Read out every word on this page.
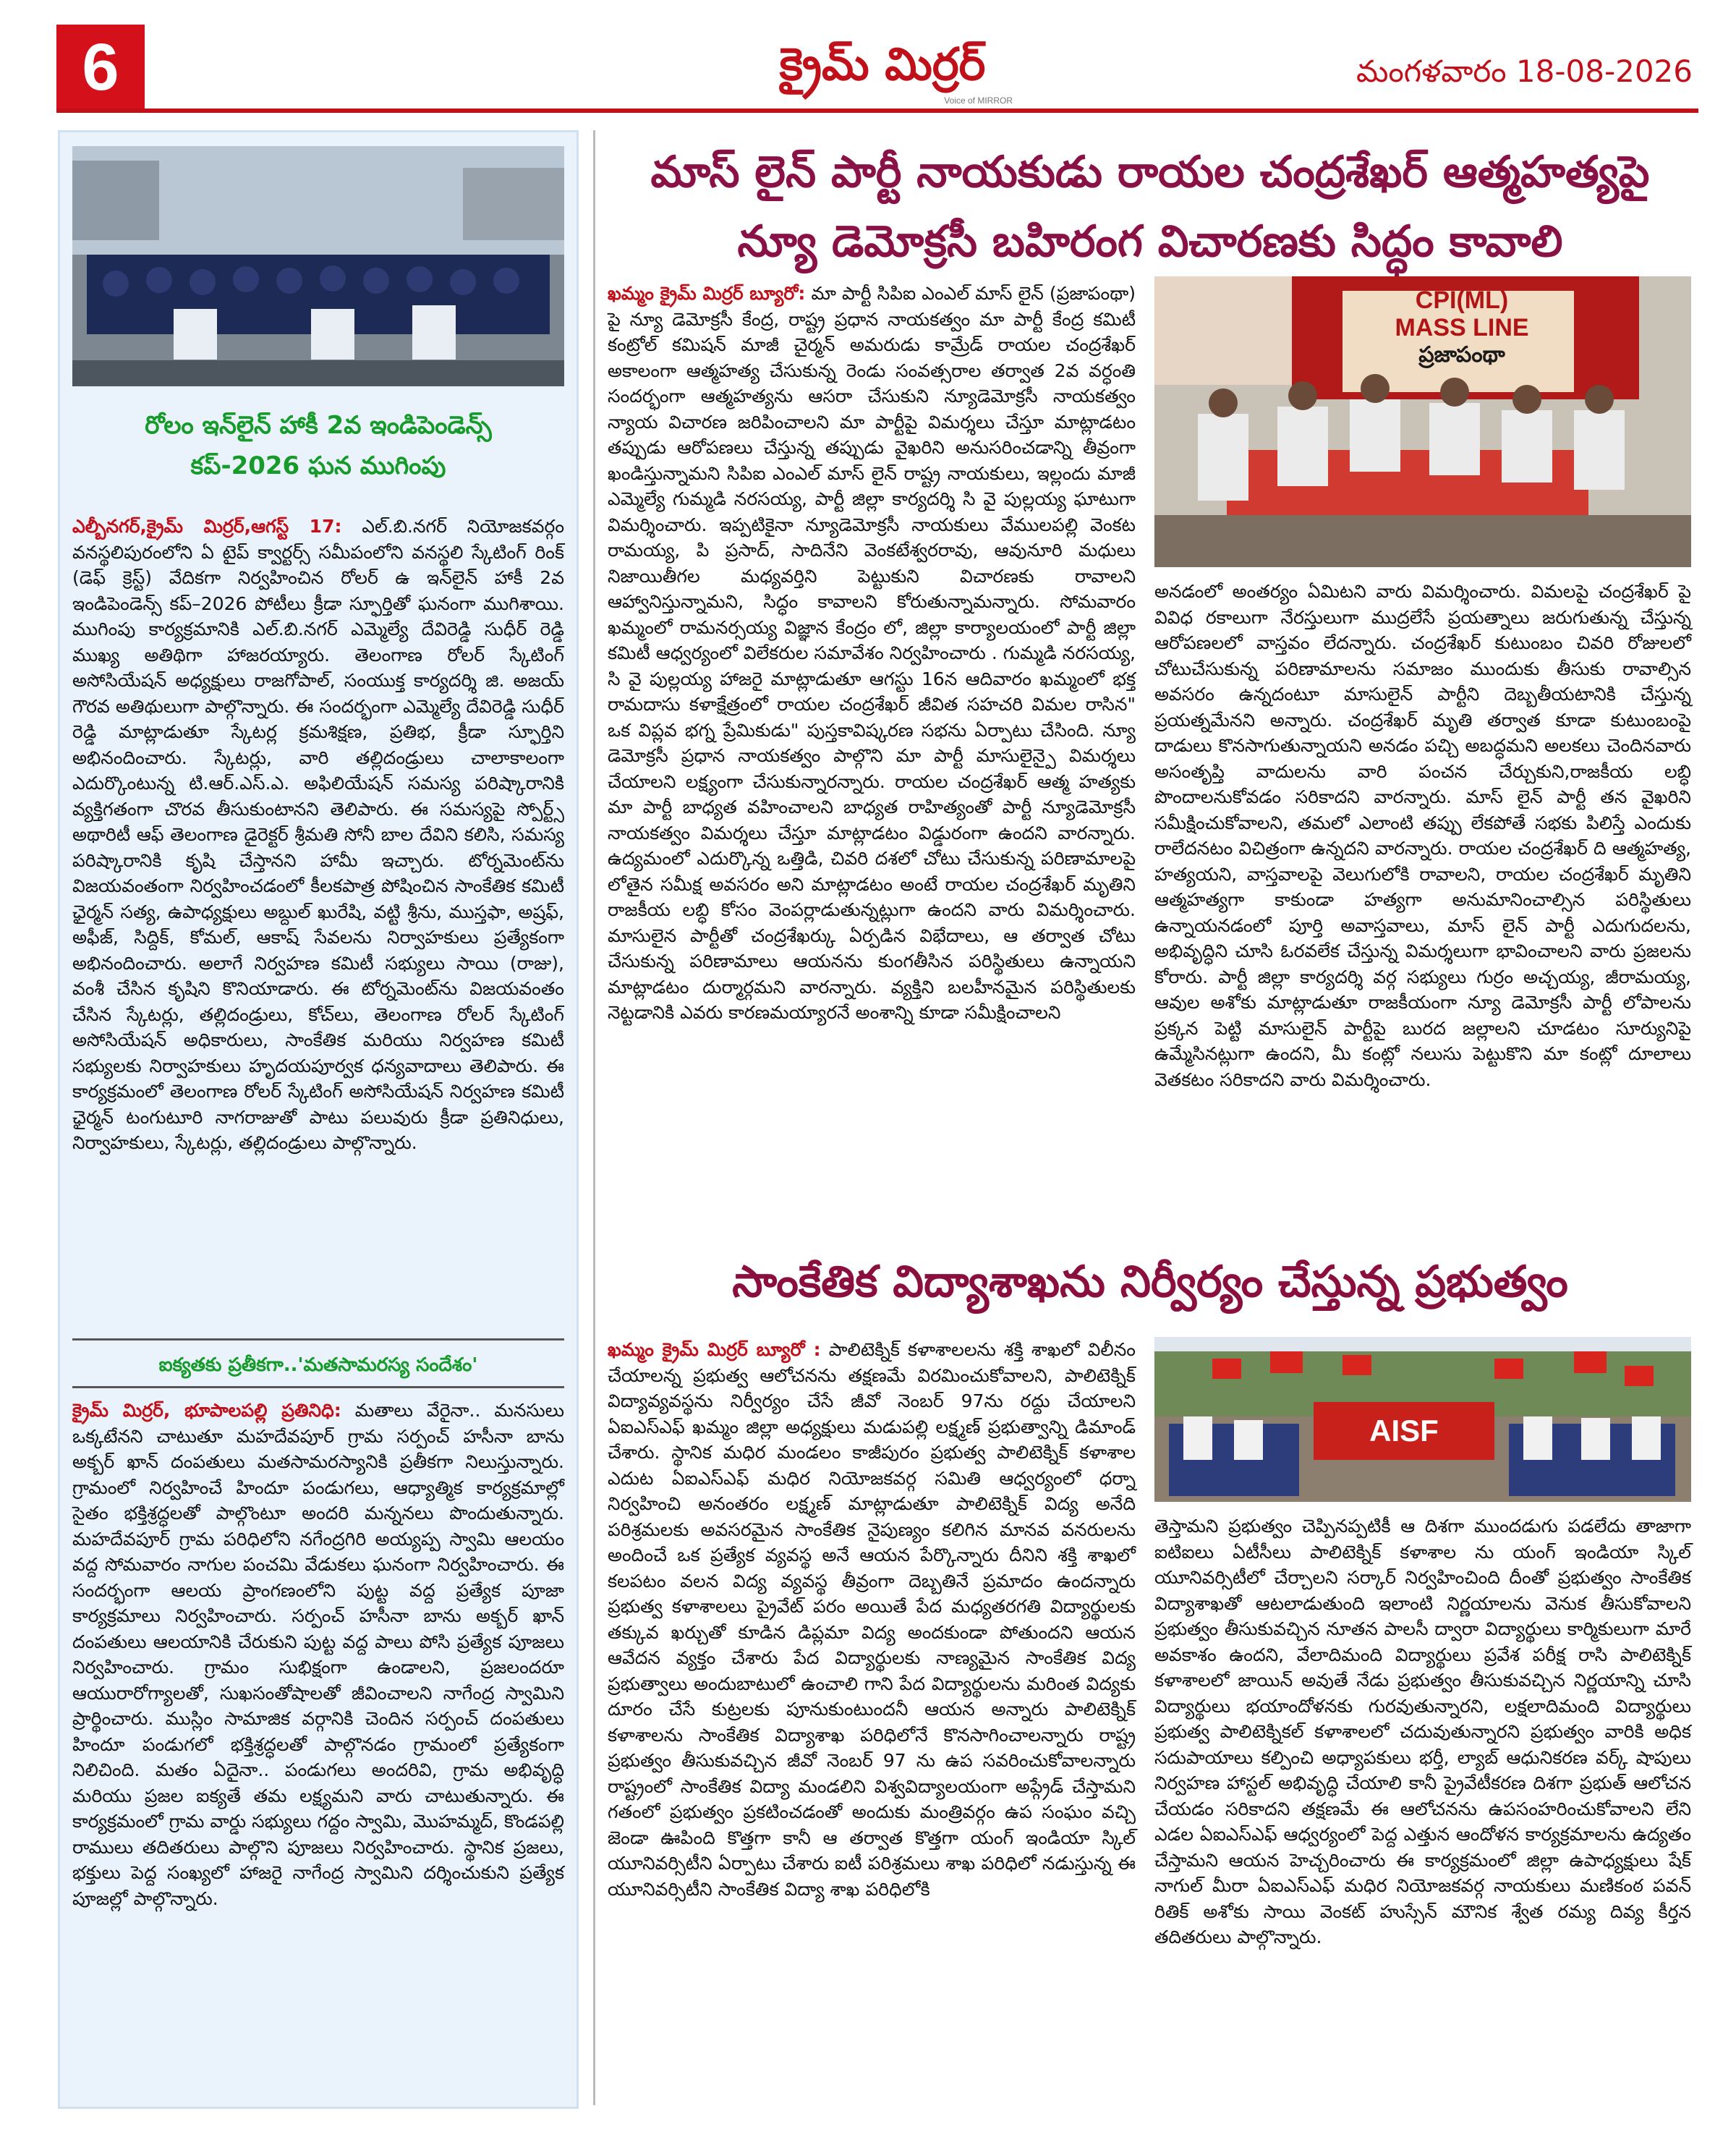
6	క్రైమ్ మిర్రర్
Voice of MIRROR
మంగళవారం 18-08-2026
రోలం ఇన్‌లైన్ హాకీ 2వ ఇండిపెండెన్స్
కప్-2026 ఘన ముగింపు
ఎల్బీనగర్,క్రైమ్ మిర్రర్,ఆగస్ట్ 17: ఎల్.బి.నగర్ నియోజకవర్గం వనస్థలిపురంలోని ఏ టైప్ క్వార్టర్స్ సమీపంలోని వనస్థలి స్కేటింగ్ రింక్ (డెఫ్ క్రెస్ట్) వేదికగా నిర్వహించిన రోలర్ ఉ ఇన్‌లైన్ హాకీ 2వ ఇండిపెండెన్స్ కప్–2026 పోటీలు క్రీడా స్ఫూర్తితో ఘనంగా ముగిశాయి. ముగింపు కార్యక్రమానికి ఎల్.బి.నగర్ ఎమ్మెల్యే దేవిరెడ్డి సుధీర్ రెడ్డి ముఖ్య అతిథిగా హాజరయ్యారు. తెలంగాణ రోలర్ స్కేటింగ్ అసోసియేషన్ అధ్యక్షులు రాజగోపాల్, సంయుక్త కార్యదర్శి జి. అజయ్ గౌరవ అతిథులుగా పాల్గొన్నారు. ఈ సందర్భంగా ఎమ్మెల్యే దేవిరెడ్డి సుధీర్ రెడ్డి మాట్లాడుతూ స్కేటర్ల క్రమశిక్షణ, ప్రతిభ, క్రీడా స్ఫూర్తిని అభినందించారు. స్కేటర్లు, వారి తల్లిదండ్రులు చాలాకాలంగా ఎదుర్కొంటున్న టి.ఆర్.ఎస్.ఎ. అఫిలియేషన్ సమస్య పరిష్కారానికి వ్యక్తిగతంగా చొరవ తీసుకుంటానని తెలిపారు. ఈ సమస్యపై స్పోర్ట్స్ అథారిటీ ఆఫ్ తెలంగాణ డైరెక్టర్ శ్రీమతి సోనీ బాల దేవిని కలిసి, సమస్య పరిష్కారానికి కృషి చేస్తానని హామీ ఇచ్చారు. టోర్నమెంట్‌ను విజయవంతంగా నిర్వహించడంలో కీలకపాత్ర పోషించిన సాంకేతిక కమిటీ ఛైర్మన్ సత్య, ఉపాధ్యక్షులు అబ్దుల్ ఖురేషి, వట్టి శ్రీను, ముస్తఫా, అష్రఫ్, అఫీజ్, సిద్దిక్, కోమల్, ఆకాష్ సేవలను నిర్వాహకులు ప్రత్యేకంగా అభినందించారు. అలాగే నిర్వహణ కమిటీ సభ్యులు సాయి (రాజు), వంశీ చేసిన కృషిని కొనియాడారు. ఈ టోర్నమెంట్‌ను విజయవంతం చేసిన స్కేటర్లు, తల్లిదండ్రులు, కోచ్‌లు, తెలంగాణ రోలర్ స్కేటింగ్ అసోసియేషన్ అధికారులు, సాంకేతిక మరియు నిర్వహణ కమిటీ సభ్యులకు నిర్వాహకులు హృదయపూర్వక ధన్యవాదాలు తెలిపారు. ఈ కార్యక్రమంలో తెలంగాణ రోలర్ స్కేటింగ్ అసోసియేషన్ నిర్వహణ కమిటీ ఛైర్మన్ టంగుటూరి నాగరాజుతో పాటు పలువురు క్రీడా ప్రతినిధులు, నిర్వాహకులు, స్కేటర్లు, తల్లిదండ్రులు పాల్గొన్నారు.
ఐక్యతకు ప్రతీకగా..'మతసామరస్య సందేశం'
క్రైమ్ మిర్రర్, భూపాలపల్లి ప్రతినిధి: మతాలు వేరైనా.. మనసులు ఒక్కటేనని చాటుతూ మహదేవపూర్ గ్రామ సర్పంచ్ హసీనా బాను అక్బర్ ఖాన్ దంపతులు మతసామరస్యానికి ప్రతీకగా నిలుస్తున్నారు. గ్రామంలో నిర్వహించే హిందూ పండుగలు, ఆధ్యాత్మిక కార్యక్రమాల్లో సైతం భక్తిశ్రద్ధలతో పాల్గొంటూ అందరి మన్ననలు పొందుతున్నారు. మహదేవపూర్ గ్రామ పరిధిలోని నగేంద్రగిరి అయ్యప్ప స్వామి ఆలయం వద్ద సోమవారం నాగుల పంచమి వేడుకలు ఘనంగా నిర్వహించారు. ఈ సందర్భంగా ఆలయ ప్రాంగణంలోని పుట్ట వద్ద ప్రత్యేక పూజా కార్యక్రమాలు నిర్వహించారు. సర్పంచ్ హసీనా బాను అక్బర్ ఖాన్ దంపతులు ఆలయానికి చేరుకుని పుట్ట వద్ద పాలు పోసి ప్రత్యేక పూజలు నిర్వహించారు. గ్రామం సుభిక్షంగా ఉండాలని, ప్రజలందరూ ఆయురారోగ్యాలతో, సుఖసంతోషాలతో జీవించాలని నాగేంద్ర స్వామిని ప్రార్థించారు. ముస్లిం సామాజిక వర్గానికి చెందిన సర్పంచ్ దంపతులు హిందూ పండుగలో భక్తిశ్రద్ధలతో పాల్గొనడం గ్రామంలో ప్రత్యేకంగా నిలిచింది. మతం ఏదైనా.. పండుగలు అందరివి, గ్రామ అభివృద్ధి మరియు ప్రజల ఐక్యతే తమ లక్ష్యమని వారు చాటుతున్నారు. ఈ కార్యక్రమంలో గ్రామ వార్డు సభ్యులు గద్దం స్వామి, మొహమ్మద్, కొండపల్లి రాములు తదితరులు పాల్గొని పూజలు నిర్వహించారు. స్థానిక ప్రజలు, భక్తులు పెద్ద సంఖ్యలో హాజరై నాగేంద్ర స్వామిని దర్శించుకుని ప్రత్యేక పూజల్లో పాల్గొన్నారు.
మాస్ లైన్ పార్టీ నాయకుడు రాయల చంద్రశేఖర్ ఆత్మహత్యపై
న్యూ డెమోక్రసీ బహిరంగ విచారణకు సిద్ధం కావాలి
CPI(ML)
MASS LINE
ప్రజాపంథా
ఖమ్మం క్రైమ్ మిర్రర్ బ్యూరో: మా పార్టీ సిపిఐ ఎంఎల్ మాస్ లైన్ (ప్రజాపంథా) పై న్యూ డెమోక్రసీ కేంద్ర, రాష్ట్ర ప్రధాన నాయకత్వం మా పార్టీ కేంద్ర కమిటీ కంట్రోల్ కమిషన్ మాజీ చైర్మన్ అమరుడు కామ్రేడ్ రాయల చంద్రశేఖర్ అకాలంగా ఆత్మహత్య చేసుకున్న రెండు సంవత్సరాల తర్వాత 2వ వర్ధంతి సందర్భంగా ఆత్మహత్యను ఆసరా చేసుకుని న్యూడెమోక్రసీ నాయకత్వం న్యాయ విచారణ జరిపించాలని మా పార్టీపై విమర్శలు చేస్తూ మాట్లాడటం తప్పుడు ఆరోపణలు చేస్తున్న తప్పుడు వైఖరిని అనుసరించడాన్ని తీవ్రంగా ఖండిస్తున్నామని సిపిఐ ఎంఎల్ మాస్ లైన్ రాష్ట్ర నాయకులు, ఇల్లందు మాజీ ఎమ్మెల్యే గుమ్మడి నరసయ్య, పార్టీ జిల్లా కార్యదర్శి సి వై పుల్లయ్య ఘాటుగా విమర్శించారు. ఇప్పటికైనా న్యూడెమోక్రసీ నాయకులు వేములపల్లి వెంకట రామయ్య, పి ప్రసాద్, సాదినేని వెంకటేశ్వరరావు, ఆవునూరి మధులు నిజాయితీగల మధ్యవర్తిని పెట్టుకుని విచారణకు రావాలని ఆహ్వానిస్తున్నామని, సిద్ధం కావాలని కోరుతున్నామన్నారు. సోమవారం ఖమ్మంలో రామనర్సయ్య విజ్ఞాన కేంద్రం లో, జిల్లా కార్యాలయంలో పార్టీ జిల్లా కమిటీ ఆధ్వర్యంలో విలేకరుల సమావేశం నిర్వహించారు . గుమ్మడి నరసయ్య, సి వై పుల్లయ్య హాజరై మాట్లాడుతూ ఆగస్టు 16న ఆదివారం ఖమ్మంలో భక్త రామదాసు కళాక్షేత్రంలో రాయల చంద్రశేఖర్ జీవిత సహచరి విమల రాసిన" ఒక విప్లవ భగ్న ప్రేమికుడు" పుస్తకావిష్కరణ సభను ఏర్పాటు చేసింది. న్యూ డెమోక్రసీ ప్రధాన నాయకత్వం పాల్గొని మా పార్టీ మాసులైన్పై విమర్శలు చేయాలని లక్ష్యంగా చేసుకున్నారన్నారు. రాయల చంద్రశేఖర్ ఆత్మ హత్యకు మా పార్టీ బాధ్యత వహించాలని బాధ్యత రాహిత్యంతో పార్టీ న్యూడెమోక్రసీ నాయకత్వం విమర్శలు చేస్తూ మాట్లాడటం విడ్డురంగా ఉందని వారన్నారు. ఉద్యమంలో ఎదుర్కొన్న ఒత్తిడి, చివరి దశలో చోటు చేసుకున్న పరిణామాలపై లోతైన సమీక్ష అవసరం అని మాట్లాడటం అంటే రాయల చంద్రశేఖర్ మృతిని రాజకీయ లబ్ధి కోసం వెంపర్లాడుతున్నట్లుగా ఉందని వారు విమర్శించారు. మాసులైన పార్టీతో చంద్రశేఖర్కు ఏర్పడిన విభేదాలు, ఆ తర్వాత చోటు చేసుకున్న పరిణామాలు ఆయనను కుంగతీసిన పరిస్థితులు ఉన్నాయని మాట్లాడటం దుర్మార్గమని వారన్నారు. వ్యక్తిని బలహీనమైన పరిస్థితులకు నెట్టడానికి ఎవరు కారణమయ్యారనే అంశాన్ని కూడా సమీక్షించాలని
అనడంలో అంతర్యం ఏమిటని వారు విమర్శించారు. విమలపై చంద్రశేఖర్ పై వివిధ రకాలుగా నేరస్తులుగా ముద్రలేసే ప్రయత్నాలు జరుగుతున్న చేస్తున్న ఆరోపణలలో వాస్తవం లేదన్నారు. చంద్రశేఖర్ కుటుంబం చివరి రోజులలో చోటుచేసుకున్న పరిణామాలను సమాజం ముందుకు తీసుకు రావాల్సిన అవసరం ఉన్నదంటూ మాసులైన్ పార్టీని దెబ్బతీయటానికి చేస్తున్న ప్రయత్నమేనని అన్నారు. చంద్రశేఖర్ మృతి తర్వాత కూడా కుటుంబంపై దాడులు కొనసాగుతున్నాయని అనడం పచ్చి అబద్ధమని అలకలు చెందినవారు అసంతృప్తి వాదులను వారి పంచన చేర్చుకుని,రాజకీయ లబ్ధి పొందాలనుకోవడం సరికాదని వారన్నారు. మాస్ లైన్ పార్టీ తన వైఖరిని సమీక్షించుకోవాలని, తమలో ఎలాంటి తప్పు లేకపోతే సభకు పిలిస్తే ఎందుకు రాలేదనటం విచిత్రంగా ఉన్నదని వారన్నారు. రాయల చంద్రశేఖర్ ది ఆత్మహత్య, హత్యయని, వాస్తవాలపై వెలుగులోకి రావాలని, రాయల చంద్రశేఖర్ మృతిని ఆత్మహత్యగా కాకుండా హత్యగా అనుమానించాల్సిన పరిస్థితులు ఉన్నాయనడంలో పూర్తి అవాస్తవాలు, మాస్ లైన్ పార్టీ ఎదుగుదలను, అభివృద్ధిని చూసి ఓరవలేక చేస్తున్న విమర్శలుగా భావించాలని వారు ప్రజలను కోరారు. పార్టీ జిల్లా కార్యదర్శి వర్గ సభ్యులు గుర్రం అచ్చయ్య, జీరామయ్య, ఆవుల అశోకు మాట్లాడుతూ రాజకీయంగా న్యూ డెమోక్రసీ పార్టీ లోపాలను ప్రక్కన పెట్టి మాసులైన్ పార్టీపై బురద జల్లాలని చూడటం సూర్యునిపై ఉమ్మేసినట్లుగా ఉందని, మీ కంట్లో నలుసు పెట్టుకొని మా కంట్లో దూలాలు వెతకటం సరికాదని వారు విమర్శించారు.
సాంకేతిక విద్యాశాఖను నిర్వీర్యం చేస్తున్న ప్రభుత్వం
AISF
ఖమ్మం క్రైమ్ మిర్రర్ బ్యూరో : పాలిటెక్నిక్ కళాశాలలను శక్తి శాఖలో విలీనం చేయాలన్న ప్రభుత్వ ఆలోచనను తక్షణమే విరమించుకోవాలని, పాలిటెక్నిక్ విద్యావ్యవస్థను నిర్వీర్యం చేసే జీవో నెంబర్ 97ను రద్దు చేయాలని ఏఐఎస్ఎఫ్ ఖమ్మం జిల్లా అధ్యక్షులు మడుపల్లి లక్ష్మణ్ ప్రభుత్వాన్ని డిమాండ్ చేశారు. స్థానిక మధిర మండలం కాజీపురం ప్రభుత్వ పాలిటెక్నిక్ కళాశాల ఎదుట ఏఐఎస్ఎఫ్ మధిర నియోజకవర్గ సమితి ఆధ్వర్యంలో ధర్నా నిర్వహించి అనంతరం లక్ష్మణ్ మాట్లాడుతూ పాలిటెక్నిక్ విద్య అనేది పరిశ్రమలకు అవసరమైన సాంకేతిక నైపుణ్యం కలిగిన మానవ వనరులను అందించే ఒక ప్రత్యేక వ్యవస్థ అనే ఆయన పేర్కొన్నారు దీనిని శక్తి శాఖలో కలపటం వలన విద్య వ్యవస్థ తీవ్రంగా దెబ్బతినే ప్రమాదం ఉందన్నారు ప్రభుత్వ కళాశాలలు ప్రైవేట్ పరం అయితే పేద మధ్యతరగతి విద్యార్థులకు తక్కువ ఖర్చుతో కూడిన డిప్లమా విద్య అందకుండా పోతుందని ఆయన ఆవేదన వ్యక్తం చేశారు పేద విద్యార్థులకు నాణ్యమైన సాంకేతిక విద్య ప్రభుత్వాలు అందుబాటులో ఉంచాలి గాని పేద విద్యార్థులను మరింత విద్యకు దూరం చేసే కుట్రలకు పూనుకుంటుందనీ ఆయన అన్నారు పాలిటెక్నిక్ కళాశాలను సాంకేతిక విద్యాశాఖ పరిధిలోనే కొనసాగించాలన్నారు రాష్ట్ర ప్రభుత్వం తీసుకువచ్చిన జీవో నెంబర్ 97 ను ఉప సవరించుకోవాలన్నారు రాష్ట్రంలో సాంకేతిక విద్యా మండలిని విశ్వవిద్యాలయంగా అప్గ్రేడ్ చేస్తామని గతంలో ప్రభుత్వం ప్రకటించడంతో అందుకు మంత్రివర్గం ఉప సంఘం వచ్చి జెండా ఊపింది కొత్తగా కానీ ఆ తర్వాత కొత్తగా యంగ్ ఇండియా స్కిల్ యూనివర్సిటీని ఏర్పాటు చేశారు ఐటీ పరిశ్రమలు శాఖ పరిధిలో నడుస్తున్న ఈ యూనివర్సిటీని సాంకేతిక విద్యా శాఖ పరిధిలోకి
తెస్తామని ప్రభుత్వం చెప్పినప్పటికీ ఆ దిశగా ముందడుగు పడలేదు తాజాగా ఐటిఐలు ఏటీసీలు పాలిటెక్నిక్ కళాశాల ను యంగ్ ఇండియా స్కిల్ యూనివర్సిటీలో చేర్చాలని సర్కార్ నిర్వహించింది దీంతో ప్రభుత్వం సాంకేతిక విద్యాశాఖతో ఆటలాడుతుంది ఇలాంటి నిర్ణయాలను వెనుక తీసుకోవాలని ప్రభుత్వం తీసుకువచ్చిన నూతన పాలసీ ద్వారా విద్యార్థులు కార్మికులుగా మారే అవకాశం ఉందని, వేలాదిమంది విద్యార్థులు ప్రవేశ పరీక్ష రాసి పాలిటెక్నిక్ కళాశాలలో జాయిన్ అవుతే నేడు ప్రభుత్వం తీసుకువచ్చిన నిర్ణయాన్ని చూసి విద్యార్థులు భయాందోళనకు గురవుతున్నారని, లక్షలాదిమంది విద్యార్థులు ప్రభుత్వ పాలిటెక్నికల్ కళాశాలలో చదువుతున్నారని ప్రభుత్వం వారికి అధిక సదుపాయాలు కల్పించి అధ్యాపకులు భర్తీ, ల్యాబ్ ఆధునికరణ వర్క్ షాపులు నిర్వహణ హాస్టల్ అభివృద్ధి చేయాలి కానీ ప్రైవేటీకరణ దిశగా ప్రభుత్ ఆలోచన చేయడం సరికాదని తక్షణమే ఈ ఆలోచనను ఉపసంహరించుకోవాలని లేని ఎడల ఏఐఎస్ఎఫ్ ఆధ్వర్యంలో పెద్ద ఎత్తున ఆందోళన కార్యక్రమాలను ఉద్యతం చేస్తామని ఆయన హెచ్చరించారు ఈ కార్యక్రమంలో జిల్లా ఉపాధ్యక్షులు షేక్ నాగుల్ మీరా ఏఐఎస్ఎఫ్ మధిర నియోజకవర్గ నాయకులు మణికంఠ పవన్ రితిక్ అశోకు సాయి వెంకట్ హుస్సేన్ మౌనిక శ్వేత రమ్య దివ్య కీర్తన తదితరులు పాల్గొన్నారు.
